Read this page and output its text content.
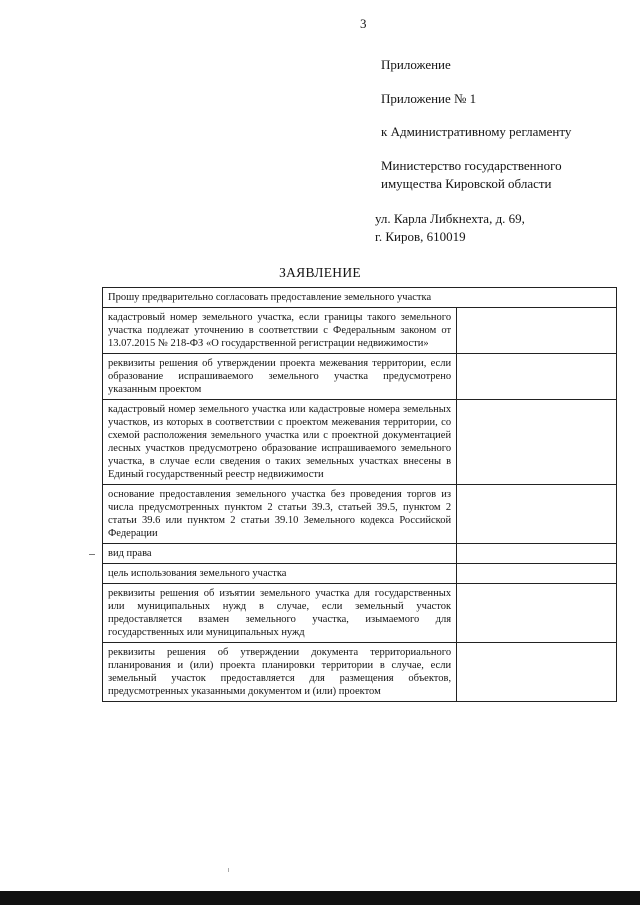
3
Приложение
Приложение № 1
к Административному регламенту
Министерство государственного
имущества Кировской области
ул. Карла Либкнехта, д. 69,
г. Киров, 610019
ЗАЯВЛЕНИЕ
Прошу предварительно согласовать предоставление земельного участка	
кадастровый номер земельного участка, если границы такого земельного участка подлежат уточнению в соответствии с Федеральным законом от 13.07.2015 № 218-ФЗ «О государственной регистрации недвижимости»	
реквизиты решения об утверждении проекта межевания территории, если образование испрашиваемого земельного участка предусмотрено указанным проектом	
кадастровый номер земельного участка или кадастровые номера земельных участков, из которых в соответствии с проектом межевания территории, со схемой расположения земельного участка или с проектной документацией лесных участков предусмотрено образование испрашиваемого земельного участка, в случае если сведения о таких земельных участках внесены в Единый государственный реестр недвижимости	
основание предоставления земельного участка без проведения торгов из числа предусмотренных пунктом 2 статьи 39.3, статьей 39.5, пунктом 2 статьи 39.6 или пунктом 2 статьи 39.10 Земельного кодекса Российской Федерации	
вид права	
цель использования земельного участка	
реквизиты решения об изъятии земельного участка для государственных или муниципальных нужд в случае, если земельный участок предоставляется взамен земельного участка, изымаемого для государственных или муниципальных нужд	
реквизиты решения об утверждении документа территориального планирования и (или) проекта планировки территории в случае, если земельный участок предоставляется для размещения объектов, предусмотренных указанными документом и (или) проектом	
